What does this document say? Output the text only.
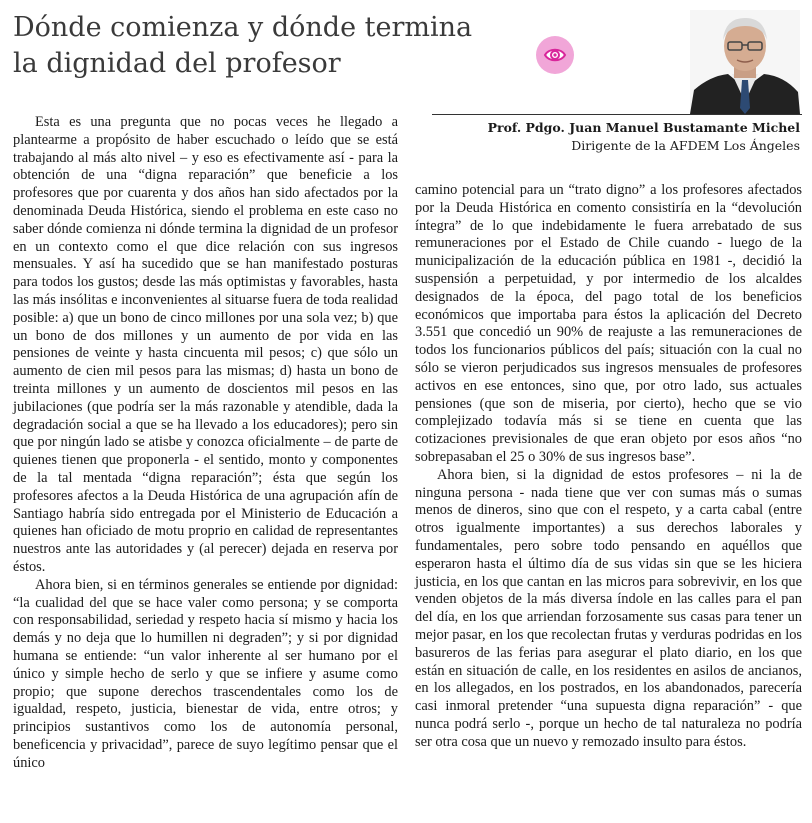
Dónde comienza y dónde termina
la dignidad del profesor
Prof. Pdgo. Juan Manuel Bustamante Michel
Dirigente de la AFDEM Los Ángeles

Esta es una pregunta que no pocas veces he llegado a plantearme a propósito de haber escuchado o leído que se está trabajando al más alto nivel – y eso es efectivamente así - para la obtención de una “digna reparación” que beneficie a los profesores que por cuarenta y dos años han sido afectados por la denominada Deuda Histórica, siendo el problema en este caso no saber dónde comienza ni dónde termina la dignidad de un profesor en un contexto como el que dice relación con sus ingresos mensuales. Y así ha sucedido que se han manifestado posturas para todos los gustos; desde las más optimistas y favorables, hasta las más insólitas e inconvenientes al situarse fuera de toda realidad posible: a) que un bono de cinco millones por una sola vez; b) que un bono de dos millones y un aumento de por vida en las pensiones de veinte y hasta cincuenta mil pesos; c) que sólo un aumento de cien mil pesos para las mismas; d) hasta un bono de treinta millones y un aumento de doscientos mil pesos en las jubilaciones (que podría ser la más razonable y atendible, dada la degradación social a que se ha llevado a los educadores); pero sin que por ningún lado se atisbe y conozca oficialmente – de parte de quienes tienen que proponerla - el sentido, monto y componentes de la tal mentada “digna reparación”; ésta que según los profesores afectos a la Deuda Histórica de una agrupación afín de Santiago habría sido entregada por el Ministerio de Educación a quienes han oficiado de motu proprio en calidad de representantes nuestros ante las autoridades y (al perecer) dejada en reserva por éstos.

Ahora bien, si en términos generales se entiende por dignidad: “la cualidad del que se hace valer como persona; y se comporta con responsabilidad, seriedad y respeto hacia sí mismo y hacia los demás y no deja que lo humillen ni degraden”; y si por dignidad humana se entiende: “un valor inherente al ser humano por el único y simple hecho de serlo y que se infiere y asume como propio; que supone derechos trascendentales como los de igualdad, respeto, justicia, bienestar de vida, entre otros; y principios sustantivos como los de autonomía personal, beneficencia y privacidad”, parece de suyo legítimo pensar que el único

camino potencial para un “trato digno” a los profesores afectados por la Deuda Histórica en comento consistiría en la “devolución íntegra” de lo que indebidamente le fuera arrebatado de sus remuneraciones por el Estado de Chile cuando - luego de la municipalización de la educación pública en 1981 -, decidió la suspensión a perpetuidad, y por intermedio de los alcaldes designados de la época, del pago total de los beneficios económicos que importaba para éstos la aplicación del Decreto 3.551 que concedió un 90% de reajuste a las remuneraciones de todos los funcionarios públicos del país; situación con la cual no sólo se vieron perjudicados sus ingresos mensuales de profesores activos en ese entonces, sino que, por otro lado, sus actuales pensiones (que son de miseria, por cierto), hecho que se vio complejizado todavía más si se tiene en cuenta que las cotizaciones previsionales de que eran objeto por esos años “no sobrepasaban el 25 o 30% de sus ingresos base”.

Ahora bien, si la dignidad de estos profesores – ni la de ninguna persona - nada tiene que ver con sumas más o sumas menos de dineros, sino que con el respeto, y a carta cabal (entre otros igualmente importantes) a sus derechos laborales y fundamentales, pero sobre todo pensando en aquéllos que esperaron hasta el último día de sus vidas sin que se les hiciera justicia, en los que cantan en las micros para sobrevivir, en los que venden objetos de la más diversa índole en las calles para el pan del día, en los que arriendan forzosamente sus casas para tener un mejor pasar, en los que recolectan frutas y verduras podridas en los basureros de las ferias para asegurar el plato diario, en los que están en situación de calle, en los residentes en asilos de ancianos, en los allegados, en los postrados, en los abandonados, parecería casi inmoral pretender “una supuesta digna reparación” - que nunca podrá serlo -, porque un hecho de tal naturaleza no podría ser otra cosa que un nuevo y remozado insulto para éstos.
